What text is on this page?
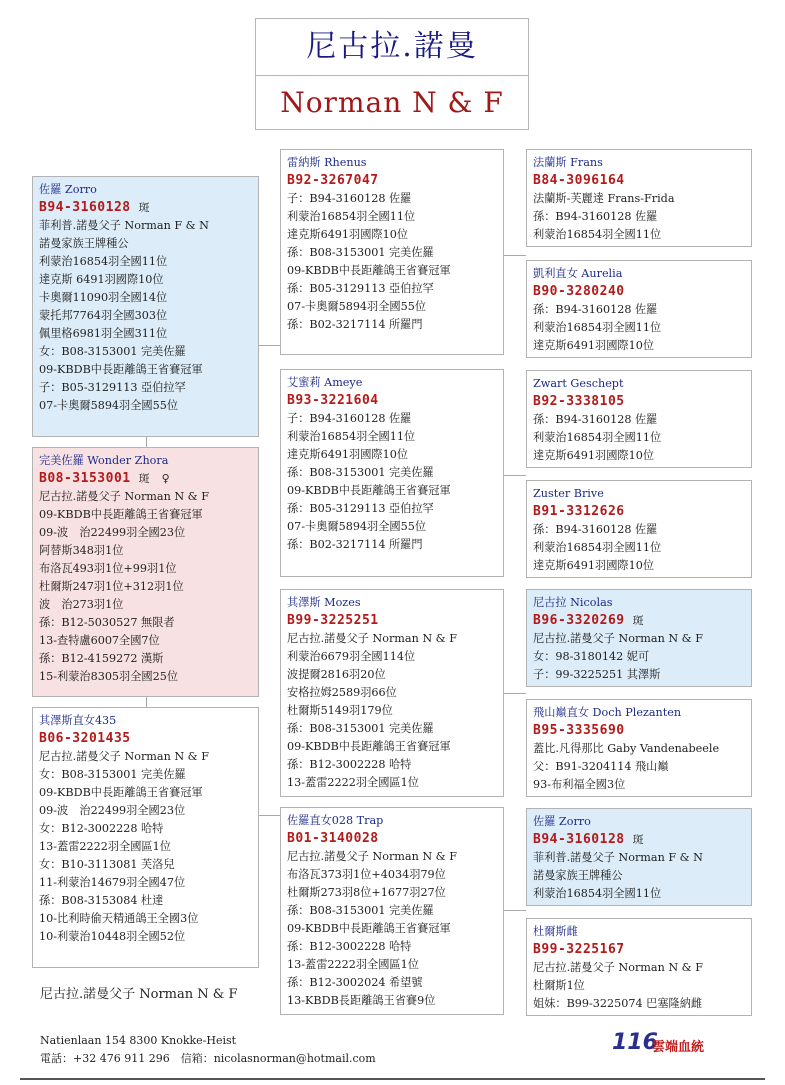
尼古拉.諾曼
Norman N & F
佐羅 Zorro
B94-3160128 斑
菲利普.諾曼父子 Norman F & N
諾曼家族王牌種公
利蒙治16854羽全國11位
達克斯 6491羽國際10位
卡奧爾11090羽全國14位
蒙托邦7764羽全國303位
佩里格6981羽全國311位
女：B08-3153001 完美佐羅
09-KBDB中長距離鴿王省賽冠軍
子：B05-3129113 亞伯拉罕
07-卡奧爾5894羽全國55位
完美佐羅 Wonder Zhora
B08-3153001 斑　♀
尼古拉.諾曼父子 Norman N & F
09-KBDB中長距離鴿王省賽冠軍
09-波　治22499羽全國23位
阿替斯348羽1位
布洛瓦493羽1位+99羽1位
杜爾斯247羽1位+312羽1位
波　治273羽1位
孫：B12-5030527 無限者
13-查特盧6007全國7位
孫：B12-4159272 漢斯
15-利蒙治8305羽全國25位
其澤斯直女435
B06-3201435
尼古拉.諾曼父子 Norman N & F
女：B08-3153001 完美佐羅
09-KBDB中長距離鴿王省賽冠軍
09-波　治22499羽全國23位
女：B12-3002228 哈特
13-蓋雷2222羽全國區1位
女：B10-3113081 芙洛兒
11-利蒙治14679羽全國47位
孫：B08-3153084 杜達
10-比利時偷天精通鴿王全國3位
10-利蒙治10448羽全國52位
雷納斯 Rhenus
B92-3267047
子：B94-3160128 佐羅
利蒙治16854羽全國11位
達克斯6491羽國際10位
孫：B08-3153001 完美佐羅
09-KBDB中長距離鴿王省賽冠軍
孫：B05-3129113 亞伯拉罕
07-卡奧爾5894羽全國55位
孫：B02-3217114 所羅門
艾蜜莉 Ameye
B93-3221604
子：B94-3160128 佐羅
利蒙治16854羽全國11位
達克斯6491羽國際10位
孫：B08-3153001 完美佐羅
09-KBDB中長距離鴿王省賽冠軍
孫：B05-3129113 亞伯拉罕
07-卡奧爾5894羽全國55位
孫：B02-3217114 所羅門
其澤斯 Mozes
B99-3225251
尼古拉.諾曼父子 Norman N & F
利蒙治6679羽全國114位
波提爾2816羽20位
安格拉姆2589羽66位
杜爾斯5149羽179位
孫：B08-3153001 完美佐羅
09-KBDB中長距離鴿王省賽冠軍
孫：B12-3002228 哈特
13-蓋雷2222羽全國區1位
佐羅直女028 Trap
B01-3140028
尼古拉.諾曼父子 Norman N & F
布洛瓦373羽1位+4034羽79位
杜爾斯273羽8位+1677羽27位
孫：B08-3153001 完美佐羅
09-KBDB中長距離鴿王省賽冠軍
孫：B12-3002228 哈特
13-蓋雷2222羽全國區1位
孫：B12-3002024 希望號
13-KBDB長距離鴿王省賽9位
法蘭斯 Frans
B84-3096164
法蘭斯-芙麗達 Frans-Frida
孫：B94-3160128 佐羅
利蒙治16854羽全國11位
凱利直女 Aurelia
B90-3280240
孫：B94-3160128 佐羅
利蒙治16854羽全國11位
達克斯6491羽國際10位
Zwart Geschept
B92-3338105
孫：B94-3160128 佐羅
利蒙治16854羽全國11位
達克斯6491羽國際10位
Zuster Brive
B91-3312626
孫：B94-3160128 佐羅
利蒙治16854羽全國11位
達克斯6491羽國際10位
尼古拉 Nicolas
B96-3320269 斑
尼古拉.諾曼父子 Norman N & F
女：98-3180142 妮可
子：99-3225251 其澤斯
飛山巔直女 Doch Plezanten
B95-3335690
蓋比.凡得那比 Gaby Vandenabeele
父：B91-3204114 飛山巔
93-布利福全國3位
佐羅 Zorro
B94-3160128 斑
菲利普.諾曼父子 Norman F & N
諾曼家族王牌種公
利蒙治16854羽全國11位
杜爾斯雌
B99-3225167
尼古拉.諾曼父子 Norman N & F
杜爾斯1位
姐妹：B99-3225074 巴塞隆納雌
尼古拉.諾曼父子 Norman N & F
Natienlaan 154 8300 Knokke-Heist
電話：+32 476 911 296　信箱：nicolasnorman@hotmail.com
116
雲端血統
